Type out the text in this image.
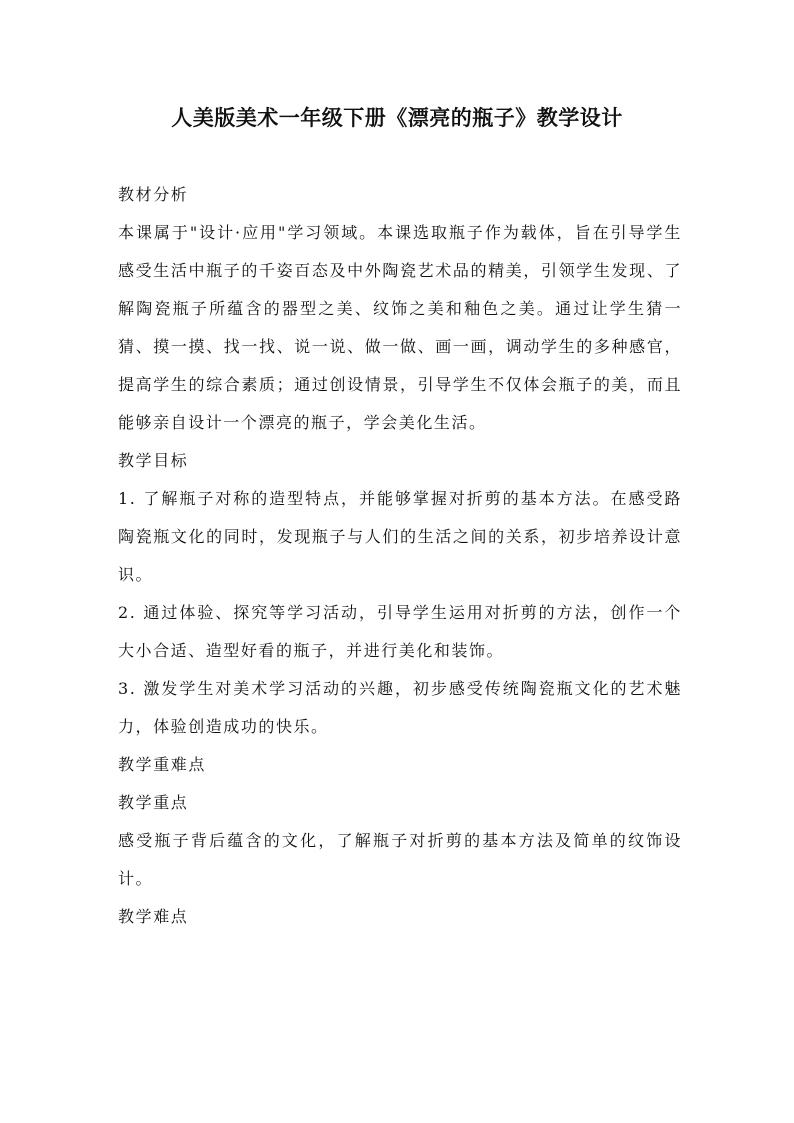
人美版美术一年级下册《漂亮的瓶子》教学设计

教材分析

本课属于"设计·应用"学习领域。本课选取瓶子作为载体，旨在引导学生感受生活中瓶子的千姿百态及中外陶瓷艺术品的精美，引领学生发现、了解陶瓷瓶子所蕴含的器型之美、纹饰之美和釉色之美。通过让学生猜一猜、摸一摸、找一找、说一说、做一做、画一画，调动学生的多种感官，提高学生的综合素质；通过创设情景，引导学生不仅体会瓶子的美，而且能够亲自设计一个漂亮的瓶子，学会美化生活。

教学目标

1. 了解瓶子对称的造型特点，并能够掌握对折剪的基本方法。在感受路陶瓷瓶文化的同时，发现瓶子与人们的生活之间的关系，初步培养设计意识。

2. 通过体验、探究等学习活动，引导学生运用对折剪的方法，创作一个大小合适、造型好看的瓶子，并进行美化和装饰。

3. 激发学生对美术学习活动的兴趣，初步感受传统陶瓷瓶文化的艺术魅力，体验创造成功的快乐。

教学重难点

教学重点

感受瓶子背后蕴含的文化，了解瓶子对折剪的基本方法及简单的纹饰设计。

教学难点
